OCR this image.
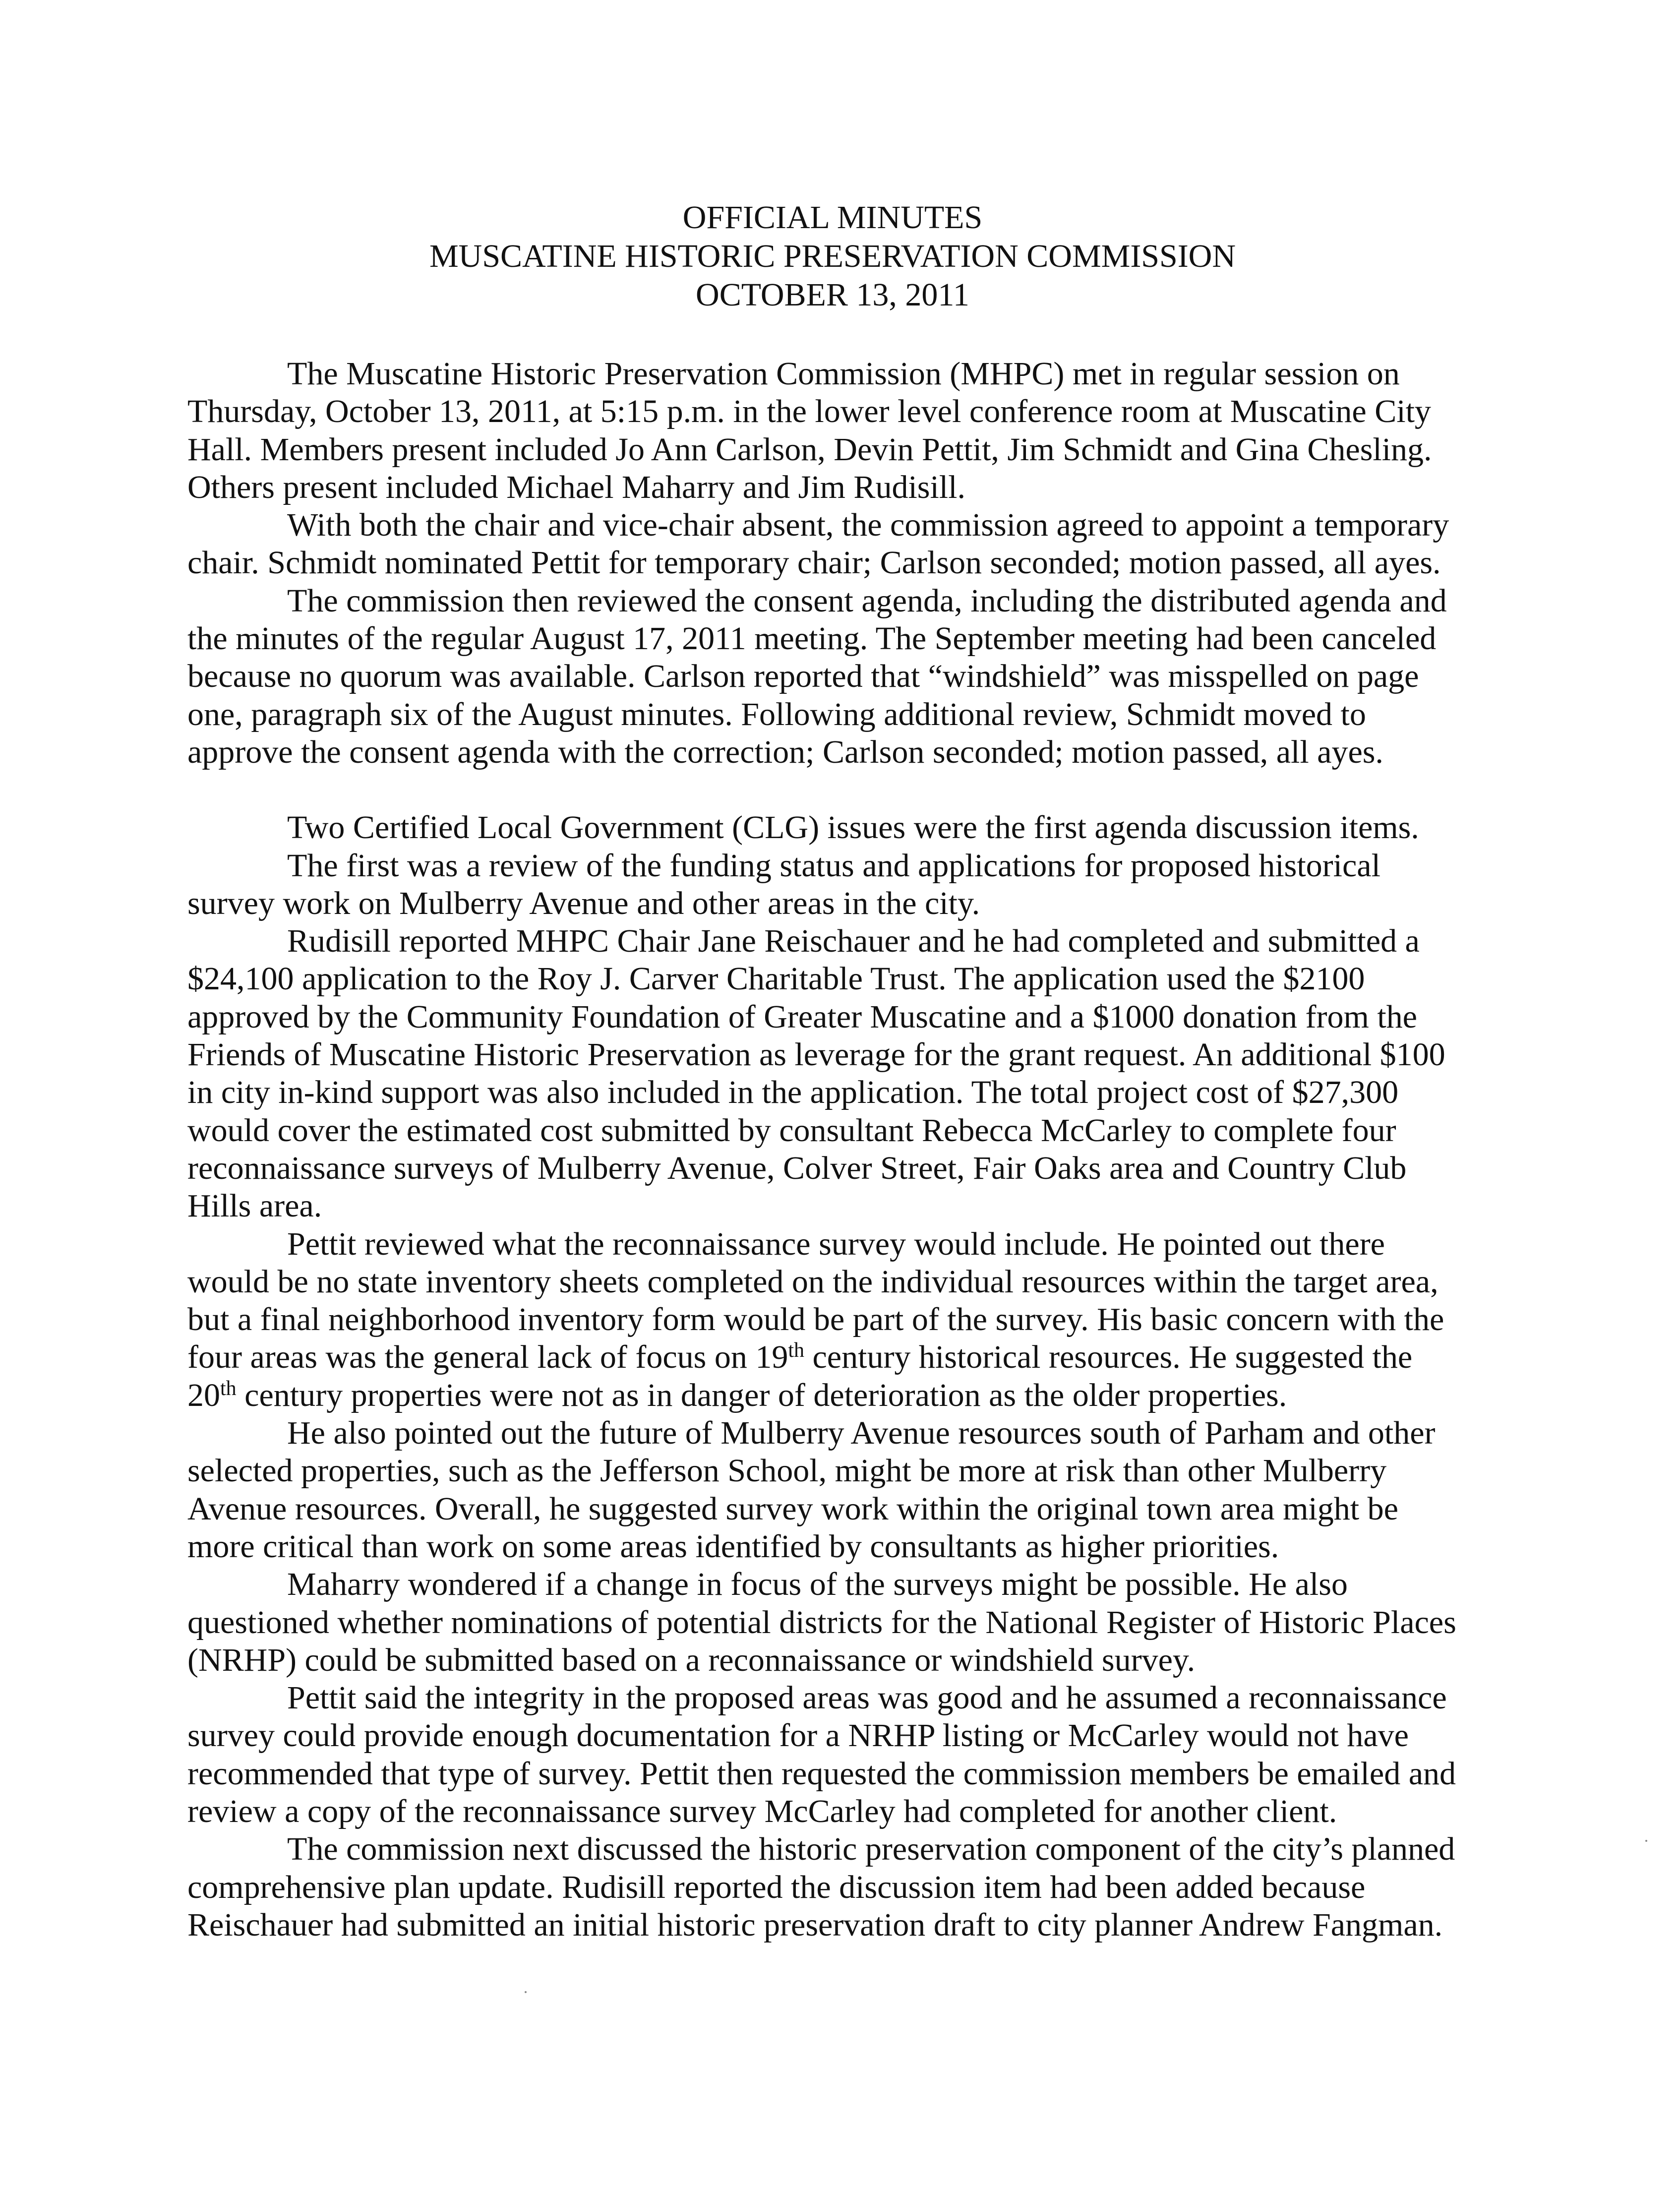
OFFICIAL MINUTES
MUSCATINE HISTORIC PRESERVATION COMMISSION
OCTOBER 13, 2011
The Muscatine Historic Preservation Commission (MHPC) met in regular session on
Thursday, October 13, 2011, at 5:15 p.m. in the lower level conference room at Muscatine City
Hall. Members present included Jo Ann Carlson, Devin Pettit, Jim Schmidt and Gina Chesling.
Others present included Michael Maharry and Jim Rudisill.
With both the chair and vice-chair absent, the commission agreed to appoint a temporary
chair. Schmidt nominated Pettit for temporary chair; Carlson seconded; motion passed, all ayes.
The commission then reviewed the consent agenda, including the distributed agenda and
the minutes of the regular August 17, 2011 meeting. The September meeting had been canceled
because no quorum was available. Carlson reported that “windshield” was misspelled on page
one, paragraph six of the August minutes. Following additional review, Schmidt moved to
approve the consent agenda with the correction; Carlson seconded; motion passed, all ayes.
Two Certified Local Government (CLG) issues were the first agenda discussion items.
The first was a review of the funding status and applications for proposed historical
survey work on Mulberry Avenue and other areas in the city.
Rudisill reported MHPC Chair Jane Reischauer and he had completed and submitted a
$24,100 application to the Roy J. Carver Charitable Trust. The application used the $2100
approved by the Community Foundation of Greater Muscatine and a $1000 donation from the
Friends of Muscatine Historic Preservation as leverage for the grant request. An additional $100
in city in-kind support was also included in the application. The total project cost of $27,300
would cover the estimated cost submitted by consultant Rebecca McCarley to complete four
reconnaissance surveys of Mulberry Avenue, Colver Street, Fair Oaks area and Country Club
Hills area.
Pettit reviewed what the reconnaissance survey would include. He pointed out there
would be no state inventory sheets completed on the individual resources within the target area,
but a final neighborhood inventory form would be part of the survey. His basic concern with the
four areas was the general lack of focus on 19th century historical resources. He suggested the
20th century properties were not as in danger of deterioration as the older properties.
He also pointed out the future of Mulberry Avenue resources south of Parham and other
selected properties, such as the Jefferson School, might be more at risk than other Mulberry
Avenue resources. Overall, he suggested survey work within the original town area might be
more critical than work on some areas identified by consultants as higher priorities.
Maharry wondered if a change in focus of the surveys might be possible. He also
questioned whether nominations of potential districts for the National Register of Historic Places
(NRHP) could be submitted based on a reconnaissance or windshield survey.
Pettit said the integrity in the proposed areas was good and he assumed a reconnaissance
survey could provide enough documentation for a NRHP listing or McCarley would not have
recommended that type of survey. Pettit then requested the commission members be emailed and
review a copy of the reconnaissance survey McCarley had completed for another client.
The commission next discussed the historic preservation component of the city’s planned
comprehensive plan update. Rudisill reported the discussion item had been added because
Reischauer had submitted an initial historic preservation draft to city planner Andrew Fangman.
